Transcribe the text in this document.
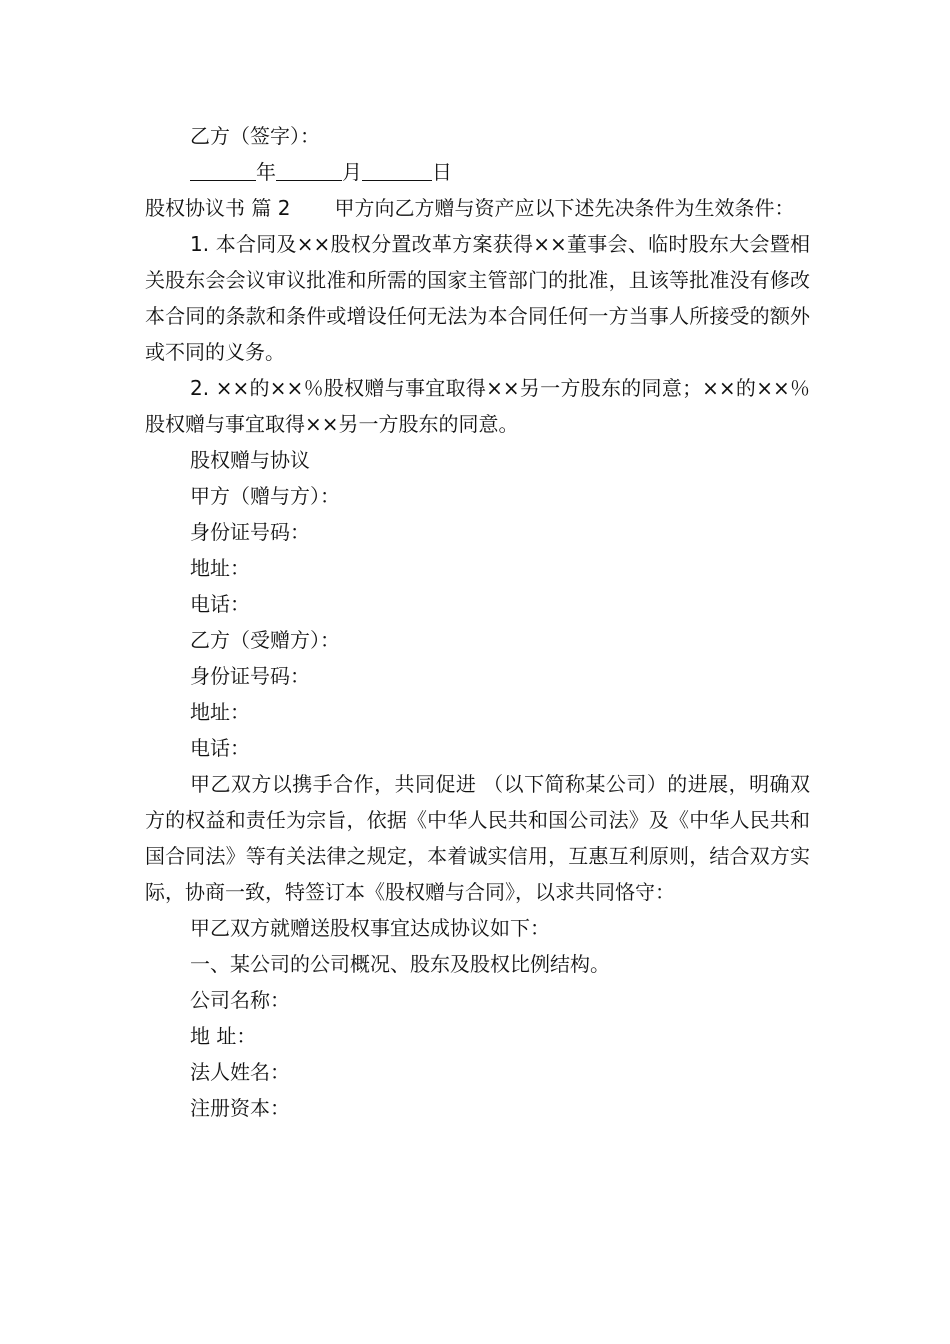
乙方（签字）：

年	月	日

股权协议书 篇 2 甲方向乙方赠与资产应以下述先决条件为生效条件：

1. 本合同及××股权分置改革方案获得××董事会、临时股东大会暨相关股东会会议审议批准和所需的国家主管部门的批准，且该等批准没有修改本合同的条款和条件或增设任何无法为本合同任何一方当事人所接受的额外或不同的义务。

2. ××的××％股权赠与事宜取得××另一方股东的同意；××的××％股权赠与事宜取得××另一方股东的同意。

股权赠与协议

甲方（赠与方）：

身份证号码：

地址：

电话：

乙方（受赠方）：

身份证号码：

地址：

电话：

甲乙双方以携手合作，共同促进 （以下简称某公司）的进展，明确双方的权益和责任为宗旨，依据《中华人民共和国公司法》及《中华人民共和国合同法》等有关法律之规定，本着诚实信用，互惠互利原则，结合双方实际，协商一致，特签订本《股权赠与合同》，以求共同恪守：

甲乙双方就赠送股权事宜达成协议如下：

一、某公司的公司概况、股东及股权比例结构。

公司名称：

地 址：

法人姓名：

注册资本：
